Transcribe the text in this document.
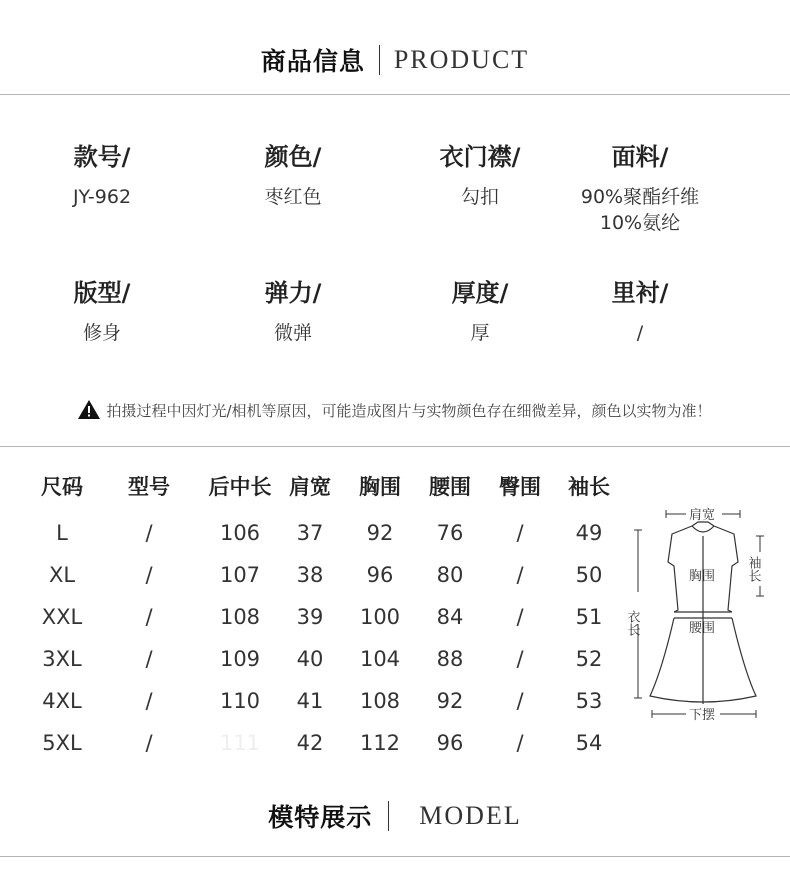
商品信息 PRODUCT
款号/
JY-962
颜色/
枣红色
衣门襟/
勾扣
面料/
90%聚酯纤维
10%氨纶
版型/
修身
弹力/
微弹
厚度/
厚
里衬/
/
拍摄过程中因灯光/相机等原因，可能造成图片与实物颜色存在细微差异，颜色以实物为准！
尺码	型号	后中长 肩宽	胸围	腰围	臀围	袖长
L	/	106	37	92	76	/	49
XL	/	107	38	96	80	/	50
XXL	/	108	39	100	84	/	51
3XL	/	109	40	104	88	/	52
4XL	/	110	41	108	92	/	53
5XL	/	111	42	112	96	/	54
肩宽
衣长
袖长
胸围
腰围
下摆
模特展示 MODEL
